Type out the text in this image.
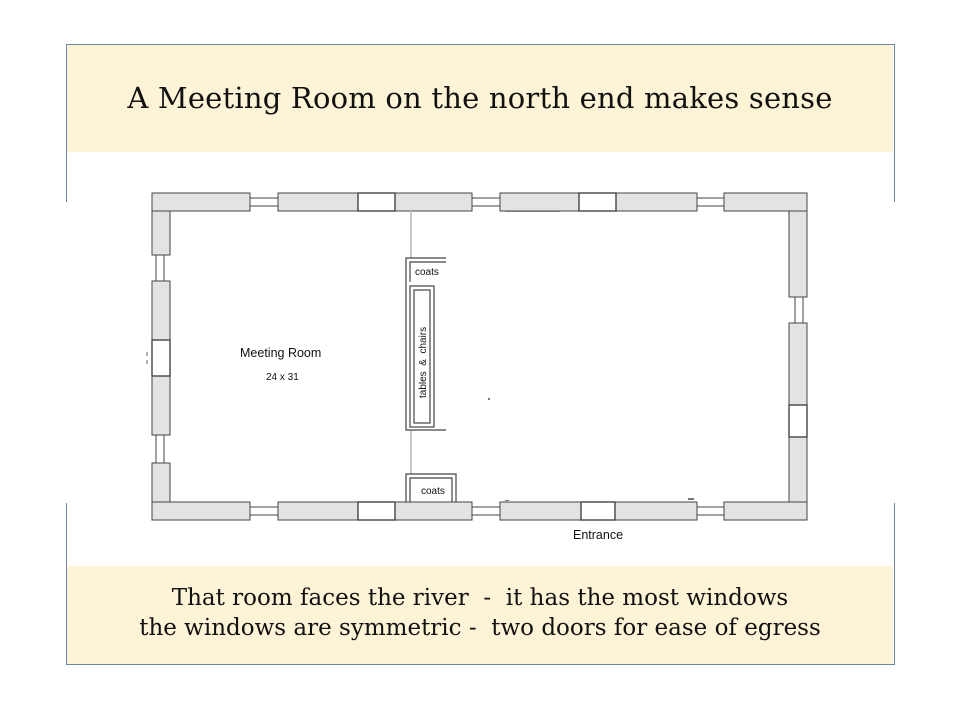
A Meeting Room on the north end makes sense
Meeting Room
24 x 31
coats
coats
tables  &  chairs
Entrance
That room faces the river  -  it has the most windows
the windows are symmetric -  two doors for ease of egress
